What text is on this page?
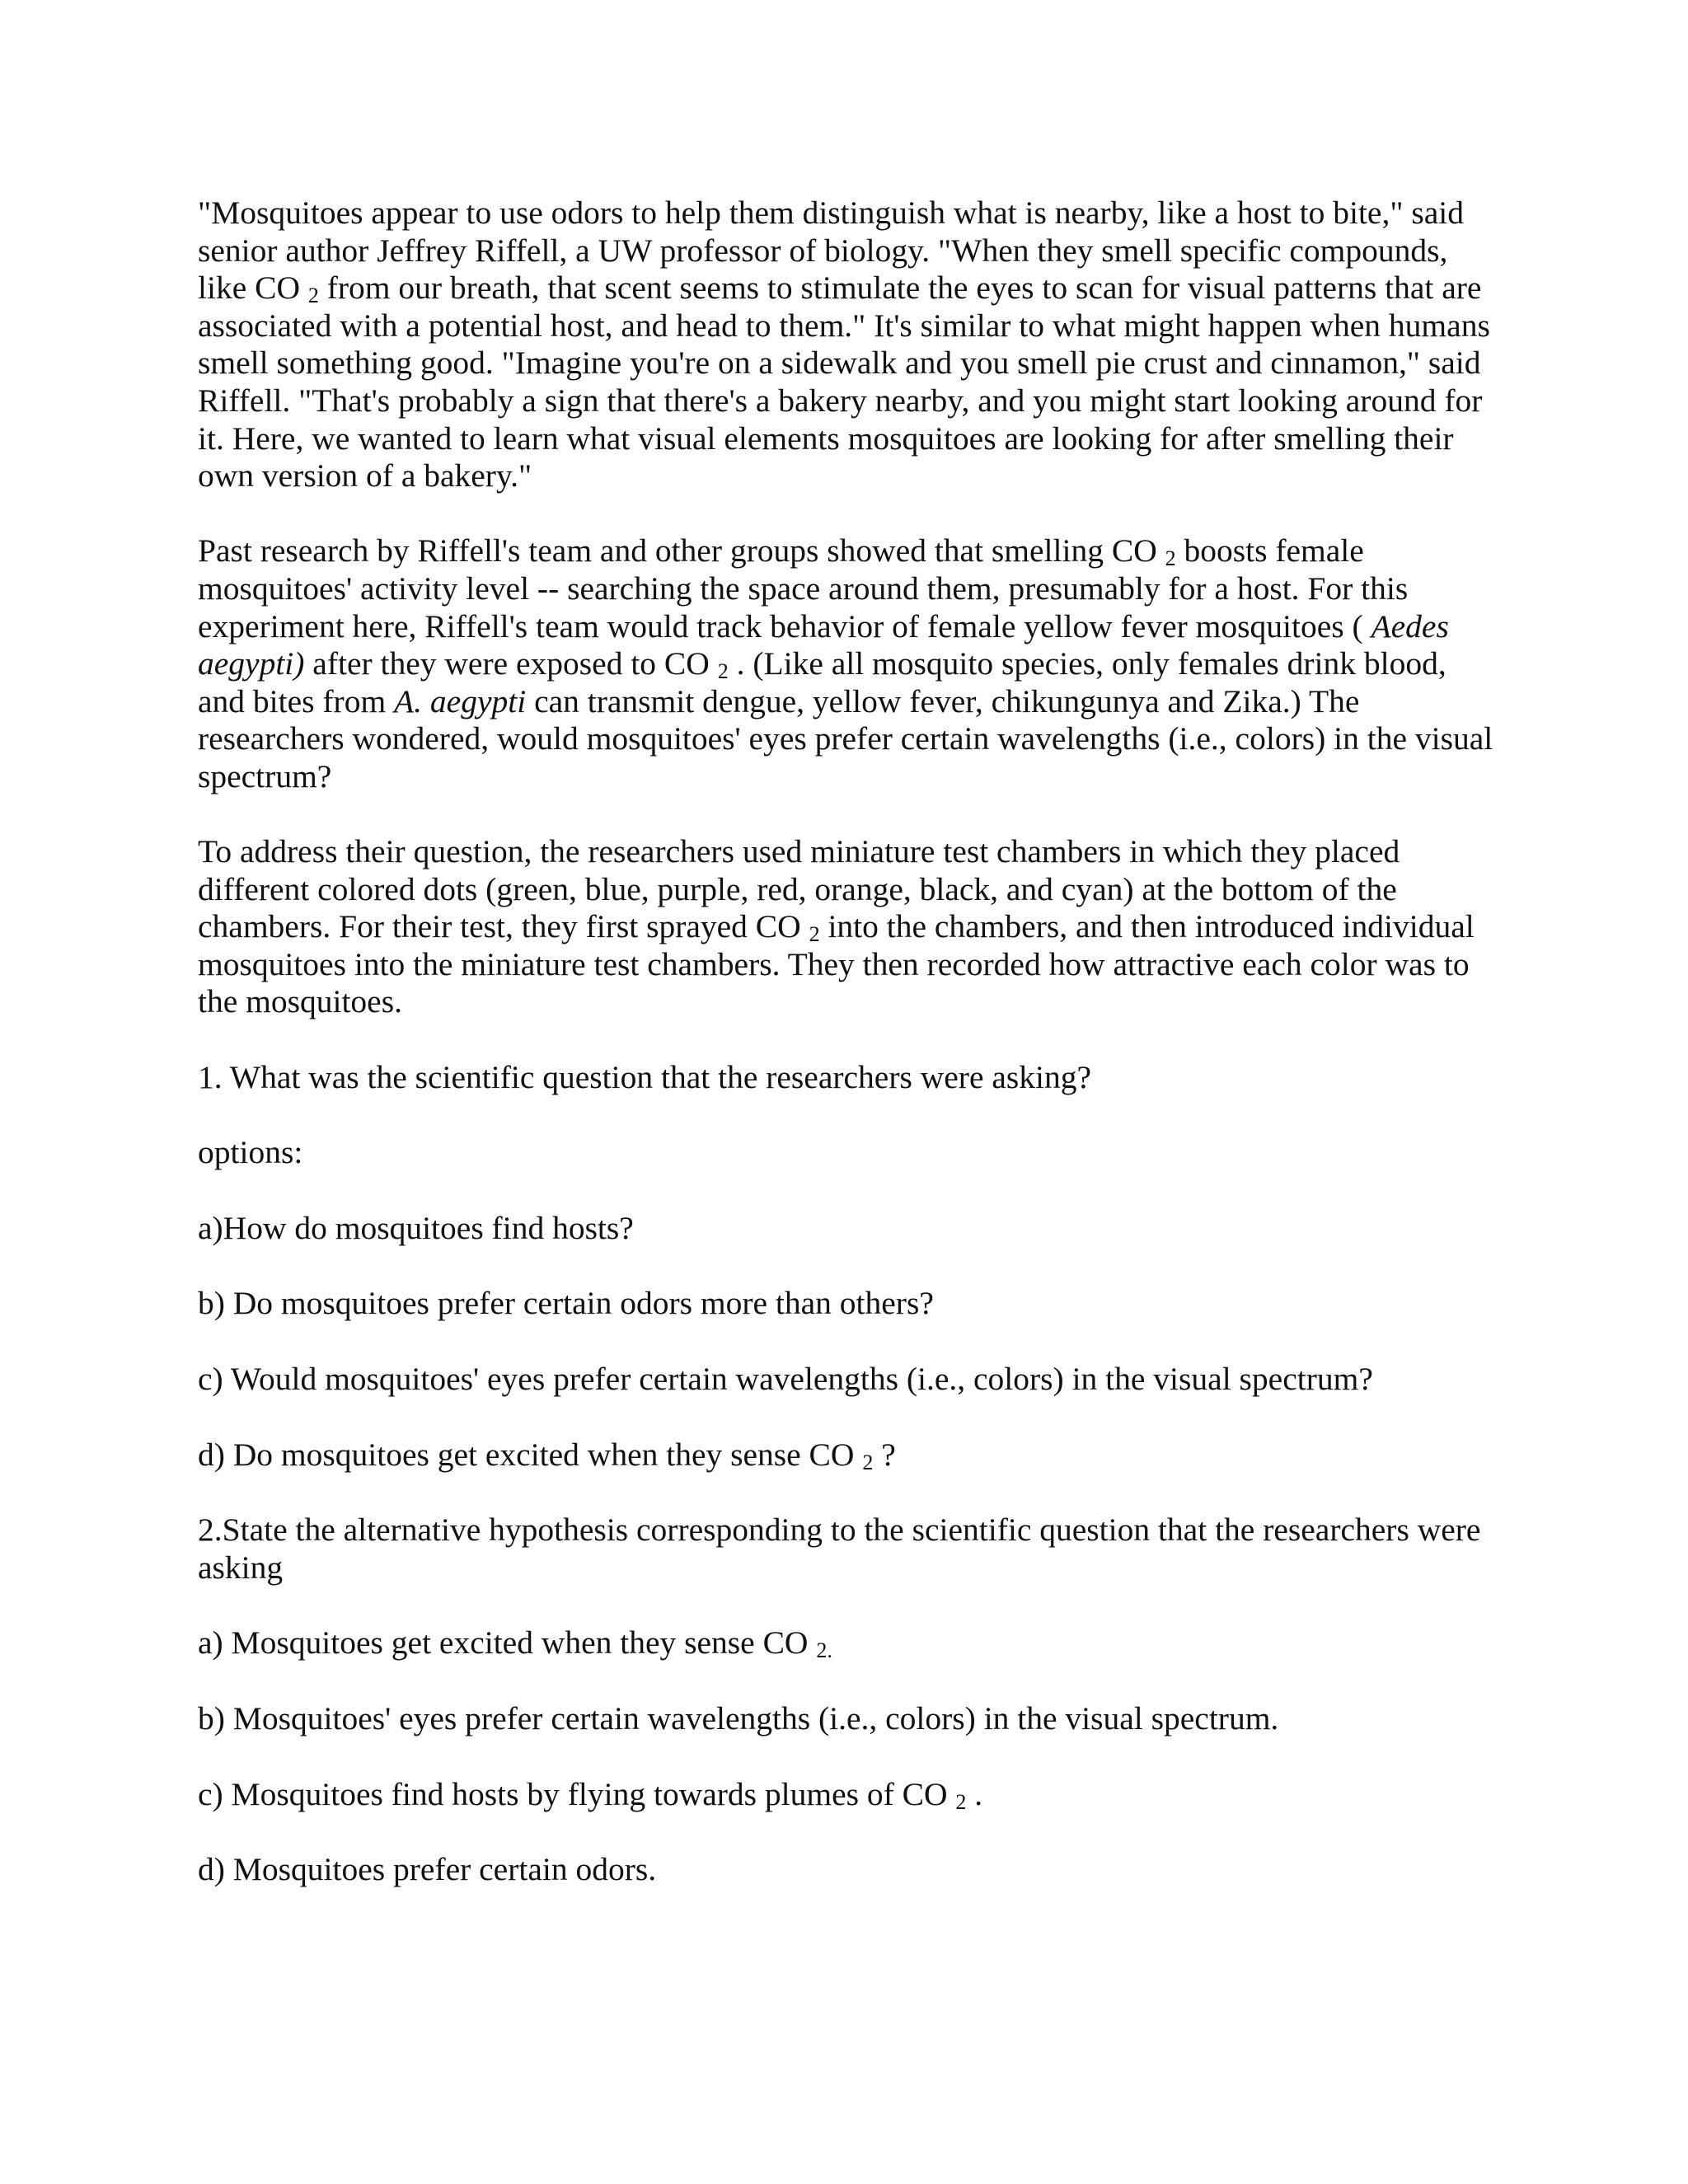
"Mosquitoes appear to use odors to help them distinguish what is nearby, like a host to bite," said senior author Jeffrey Riffell, a UW professor of biology. "When they smell specific compounds, like CO $_2$ from our breath, that scent seems to stimulate the eyes to scan for visual patterns that are associated with a potential host, and head to them." It's similar to what might happen when humans smell something good. "Imagine you're on a sidewalk and you smell pie crust and cinnamon," said Riffell. "That's probably a sign that there's a bakery nearby, and you might start looking around for it. Here, we wanted to learn what visual elements mosquitoes are looking for after smelling their own version of a bakery."

Past research by Riffell's team and other groups showed that smelling CO $_2$ boosts female mosquitoes' activity level -- searching the space around them, presumably for a host. For this experiment here, Riffell's team would track behavior of female yellow fever mosquitoes ( Aedes aegypti) after they were exposed to CO $_2$ . (Like all mosquito species, only females drink blood, and bites from A. aegypti can transmit dengue, yellow fever, chikungunya and Zika.) The researchers wondered, would mosquitoes' eyes prefer certain wavelengths (i.e., colors) in the visual spectrum?

To address their question, the researchers used miniature test chambers in which they placed different colored dots (green, blue, purple, red, orange, black, and cyan) at the bottom of the chambers. For their test, they first sprayed CO $_2$ into the chambers, and then introduced individual mosquitoes into the miniature test chambers. They then recorded how attractive each color was to the mosquitoes.

1. What was the scientific question that the researchers were asking?

options:

a)How do mosquitoes find hosts?

b) Do mosquitoes prefer certain odors more than others?

c) Would mosquitoes' eyes prefer certain wavelengths (i.e., colors) in the visual spectrum?

d) Do mosquitoes get excited when they sense CO $_2$ ?

2.State the alternative hypothesis corresponding to the scientific question that the researchers were asking

a) Mosquitoes get excited when they sense CO $_{2.}$

b) Mosquitoes' eyes prefer certain wavelengths (i.e., colors) in the visual spectrum.

c) Mosquitoes find hosts by flying towards plumes of CO $_2$ .

d) Mosquitoes prefer certain odors.
